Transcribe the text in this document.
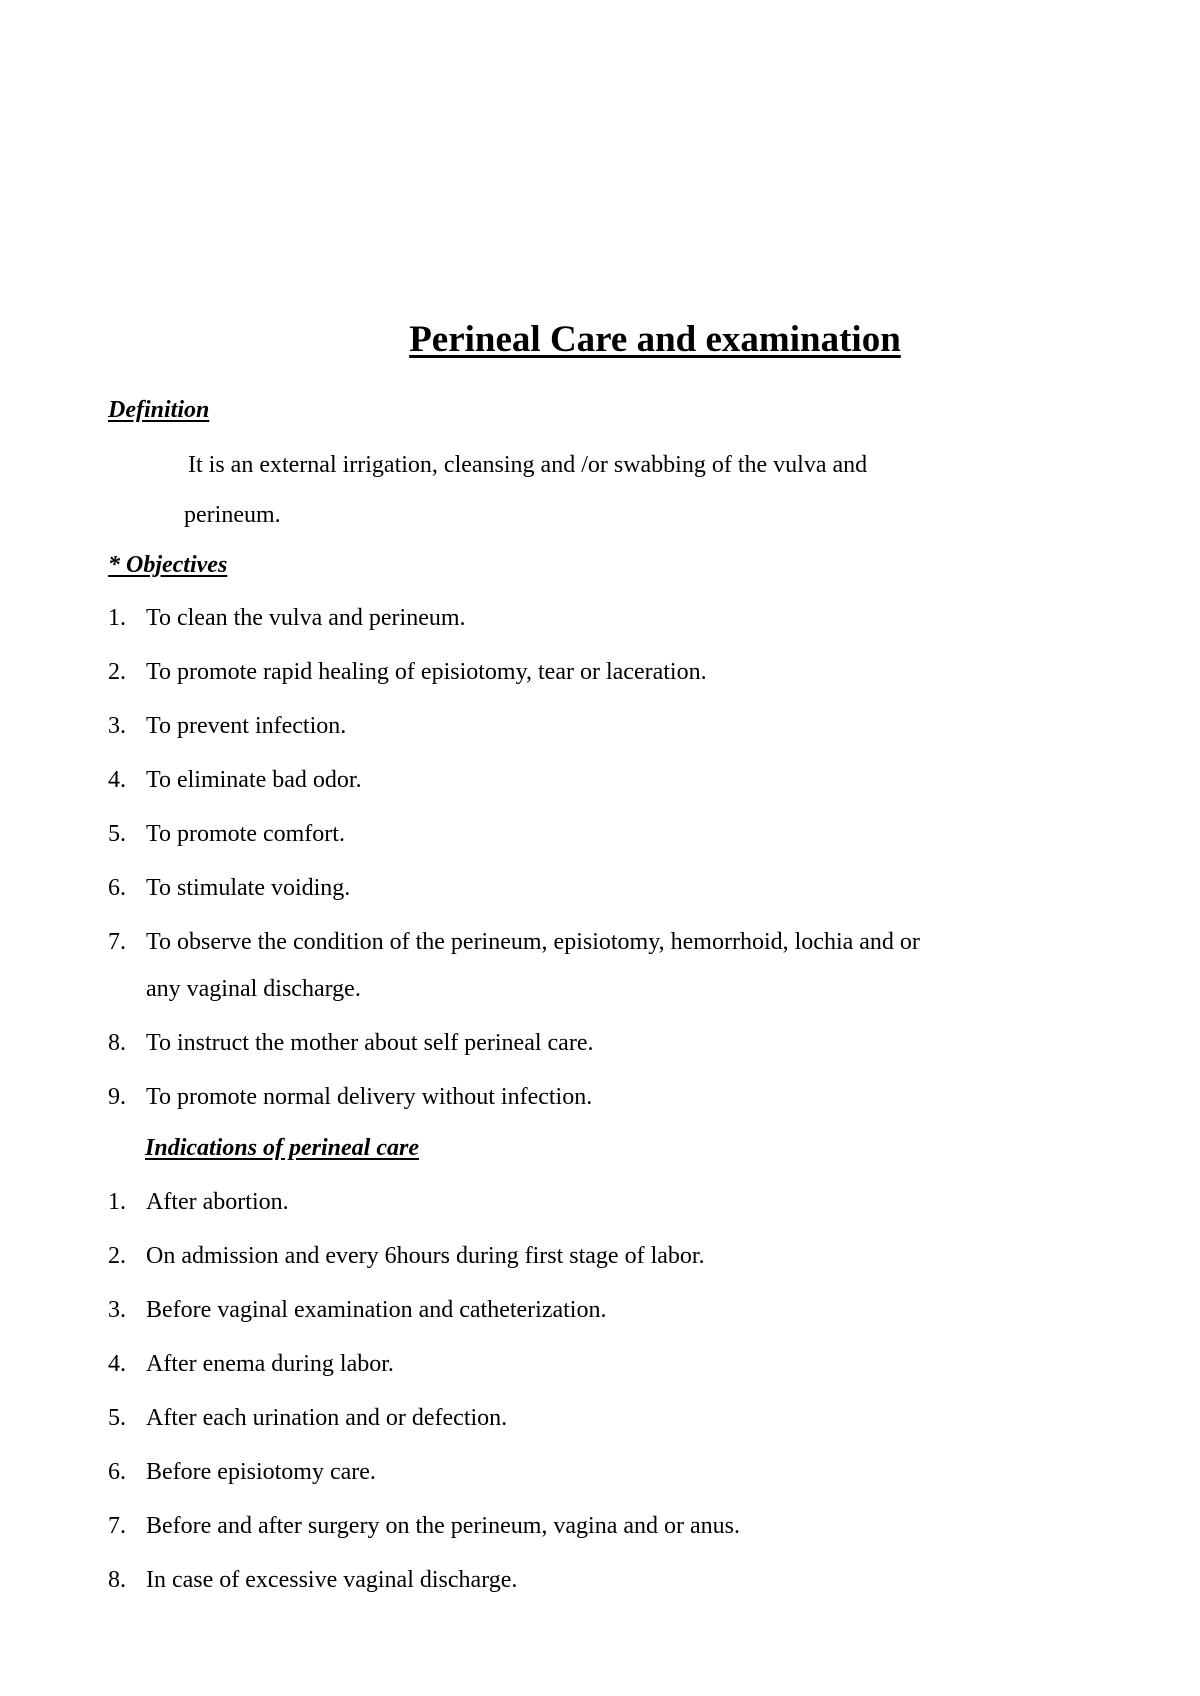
Perineal Care and examination
Definition
It is an external irrigation, cleansing and /or swabbing of the vulva and
perineum.
* Objectives
1. To clean the vulva and perineum.
2. To promote rapid healing of episiotomy, tear or laceration.
3. To prevent infection.
4. To eliminate bad odor.
5. To promote comfort.
6. To stimulate voiding.
7. To observe the condition of the perineum, episiotomy, hemorrhoid, lochia and or
any vaginal discharge.
8. To instruct the mother about self perineal care.
9. To promote normal delivery without infection.
Indications of perineal care
1. After abortion.
2. On admission and every 6hours during first stage of labor.
3. Before vaginal examination and catheterization.
4. After enema during labor.
5. After each urination and or defection.
6. Before episiotomy care.
7. Before and after surgery on the perineum, vagina and or anus.
8. In case of excessive vaginal discharge.
